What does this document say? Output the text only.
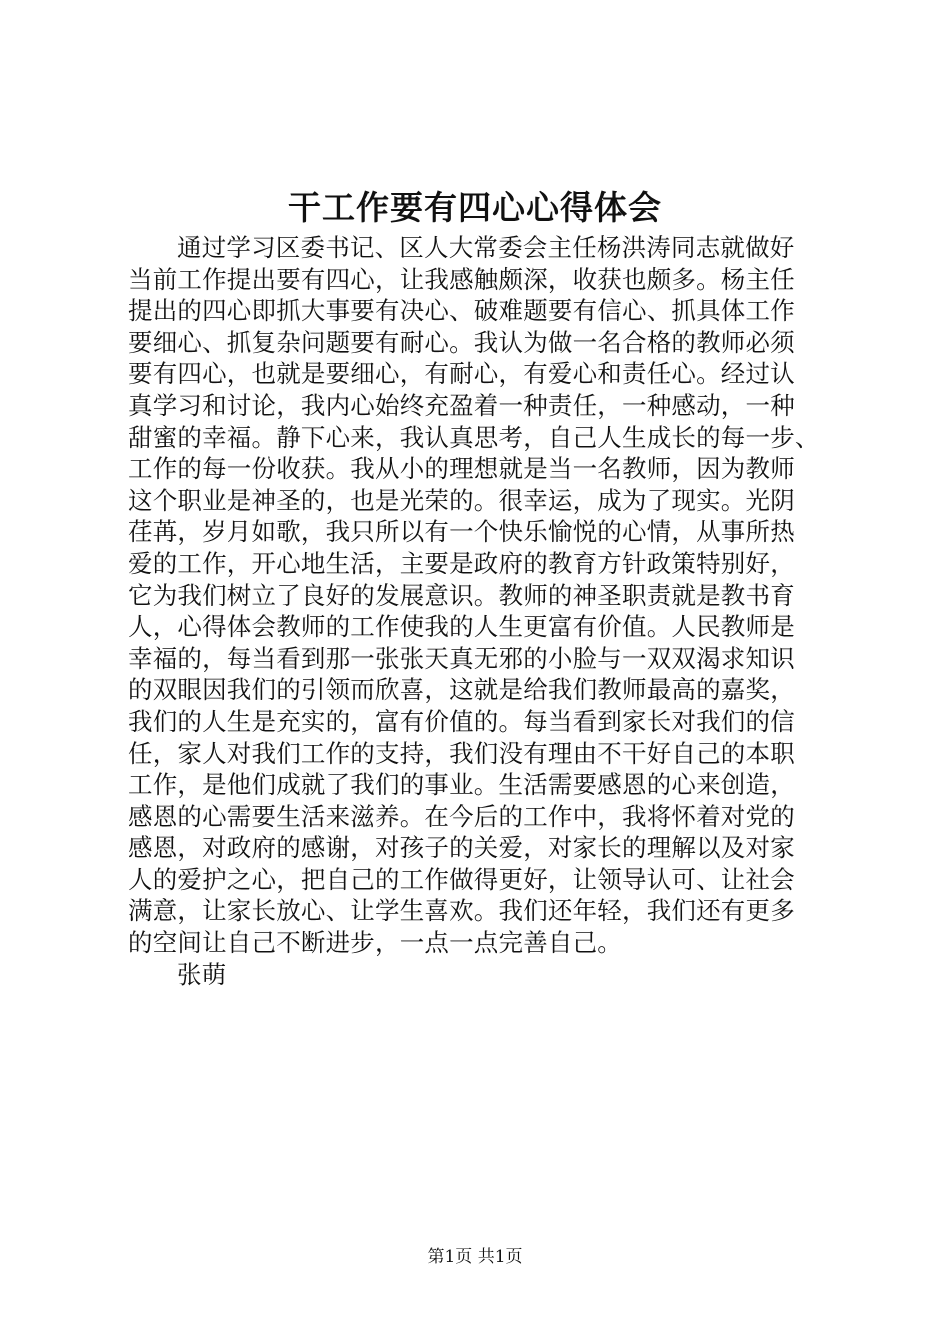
干工作要有四心心得体会
通过学习区委书记、区人大常委会主任杨洪涛同志就做好
当前工作提出要有四心，让我感触颇深，收获也颇多。杨主任
提出的四心即抓大事要有决心、破难题要有信心、抓具体工作
要细心、抓复杂问题要有耐心。我认为做一名合格的教师必须
要有四心，也就是要细心，有耐心，有爱心和责任心。经过认
真学习和讨论，我内心始终充盈着一种责任，一种感动，一种
甜蜜的幸福。静下心来，我认真思考，自己人生成长的每一步、
工作的每一份收获。我从小的理想就是当一名教师，因为教师
这个职业是神圣的，也是光荣的。很幸运，成为了现实。光阴
荏苒，岁月如歌，我只所以有一个快乐愉悦的心情，从事所热
爱的工作，开心地生活，主要是政府的教育方针政策特别好，
它为我们树立了良好的发展意识。教师的神圣职责就是教书育
人，心得体会教师的工作使我的人生更富有价值。人民教师是
幸福的，每当看到那一张张天真无邪的小脸与一双双渴求知识
的双眼因我们的引领而欣喜，这就是给我们教师最高的嘉奖，
我们的人生是充实的，富有价值的。每当看到家长对我们的信
任，家人对我们工作的支持，我们没有理由不干好自己的本职
工作，是他们成就了我们的事业。生活需要感恩的心来创造，
感恩的心需要生活来滋养。在今后的工作中，我将怀着对党的
感恩，对政府的感谢，对孩子的关爱，对家长的理解以及对家
人的爱护之心，把自己的工作做得更好，让领导认可、让社会
满意，让家长放心、让学生喜欢。我们还年轻，我们还有更多
的空间让自己不断进步，一点一点完善自己。
张萌
第1页 共1页
